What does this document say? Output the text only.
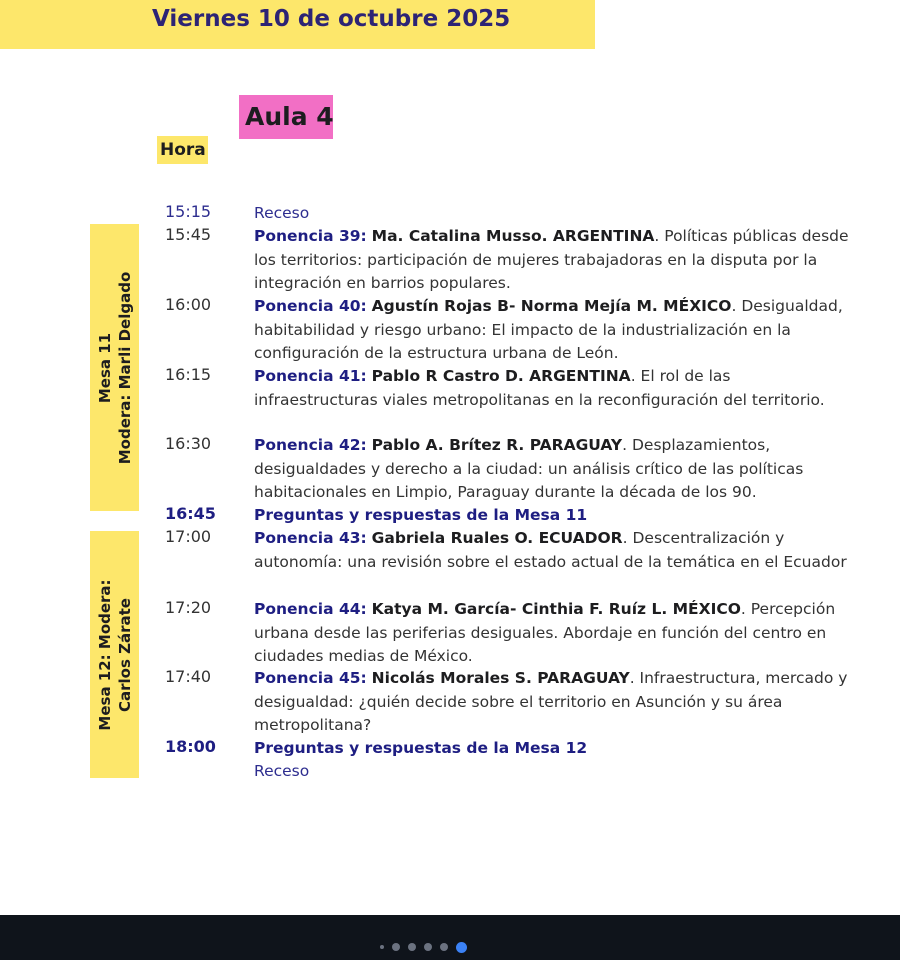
Viernes 10 de octubre 2025
Aula 4
Hora
Mesa 11 Modera: Marli Delgado
Mesa 12: Modera: Carlos Zárate
15:15	Receso
15:45	Ponencia 39: Ma. Catalina Musso. ARGENTINA. Políticas públicas desde los territorios: participación de mujeres trabajadoras en la disputa por la integración en barrios populares.
16:00	Ponencia 40: Agustín Rojas B- Norma Mejía M. MÉXICO. Desigualdad, habitabilidad y riesgo urbano: El impacto de la industrialización en la configuración de la estructura urbana de León.
16:15	Ponencia 41: Pablo R Castro D. ARGENTINA. El rol de las infraestructuras viales metropolitanas en la reconfiguración del territorio.
16:30	Ponencia 42: Pablo A. Brítez R. PARAGUAY. Desplazamientos, desigualdades y derecho a la ciudad: un análisis crítico de las políticas habitacionales en Limpio, Paraguay durante la década de los 90.
16:45 Preguntas y respuestas de la Mesa 11
17:00	Ponencia 43: Gabriela Ruales O. ECUADOR. Descentralización y autonomía: una revisión sobre el estado actual de la temática en el Ecuador
17:20	Ponencia 44: Katya M. García- Cinthia F. Ruíz L. MÉXICO. Percepción urbana desde las periferias desiguales. Abordaje en función del centro en ciudades medias de México.
17:40	Ponencia 45: Nicolás Morales S. PARAGUAY. Infraestructura, mercado y desigualdad: ¿quién decide sobre el territorio en Asunción y su área metropolitana?
18:00 Preguntas y respuestas de la Mesa 12
Receso
